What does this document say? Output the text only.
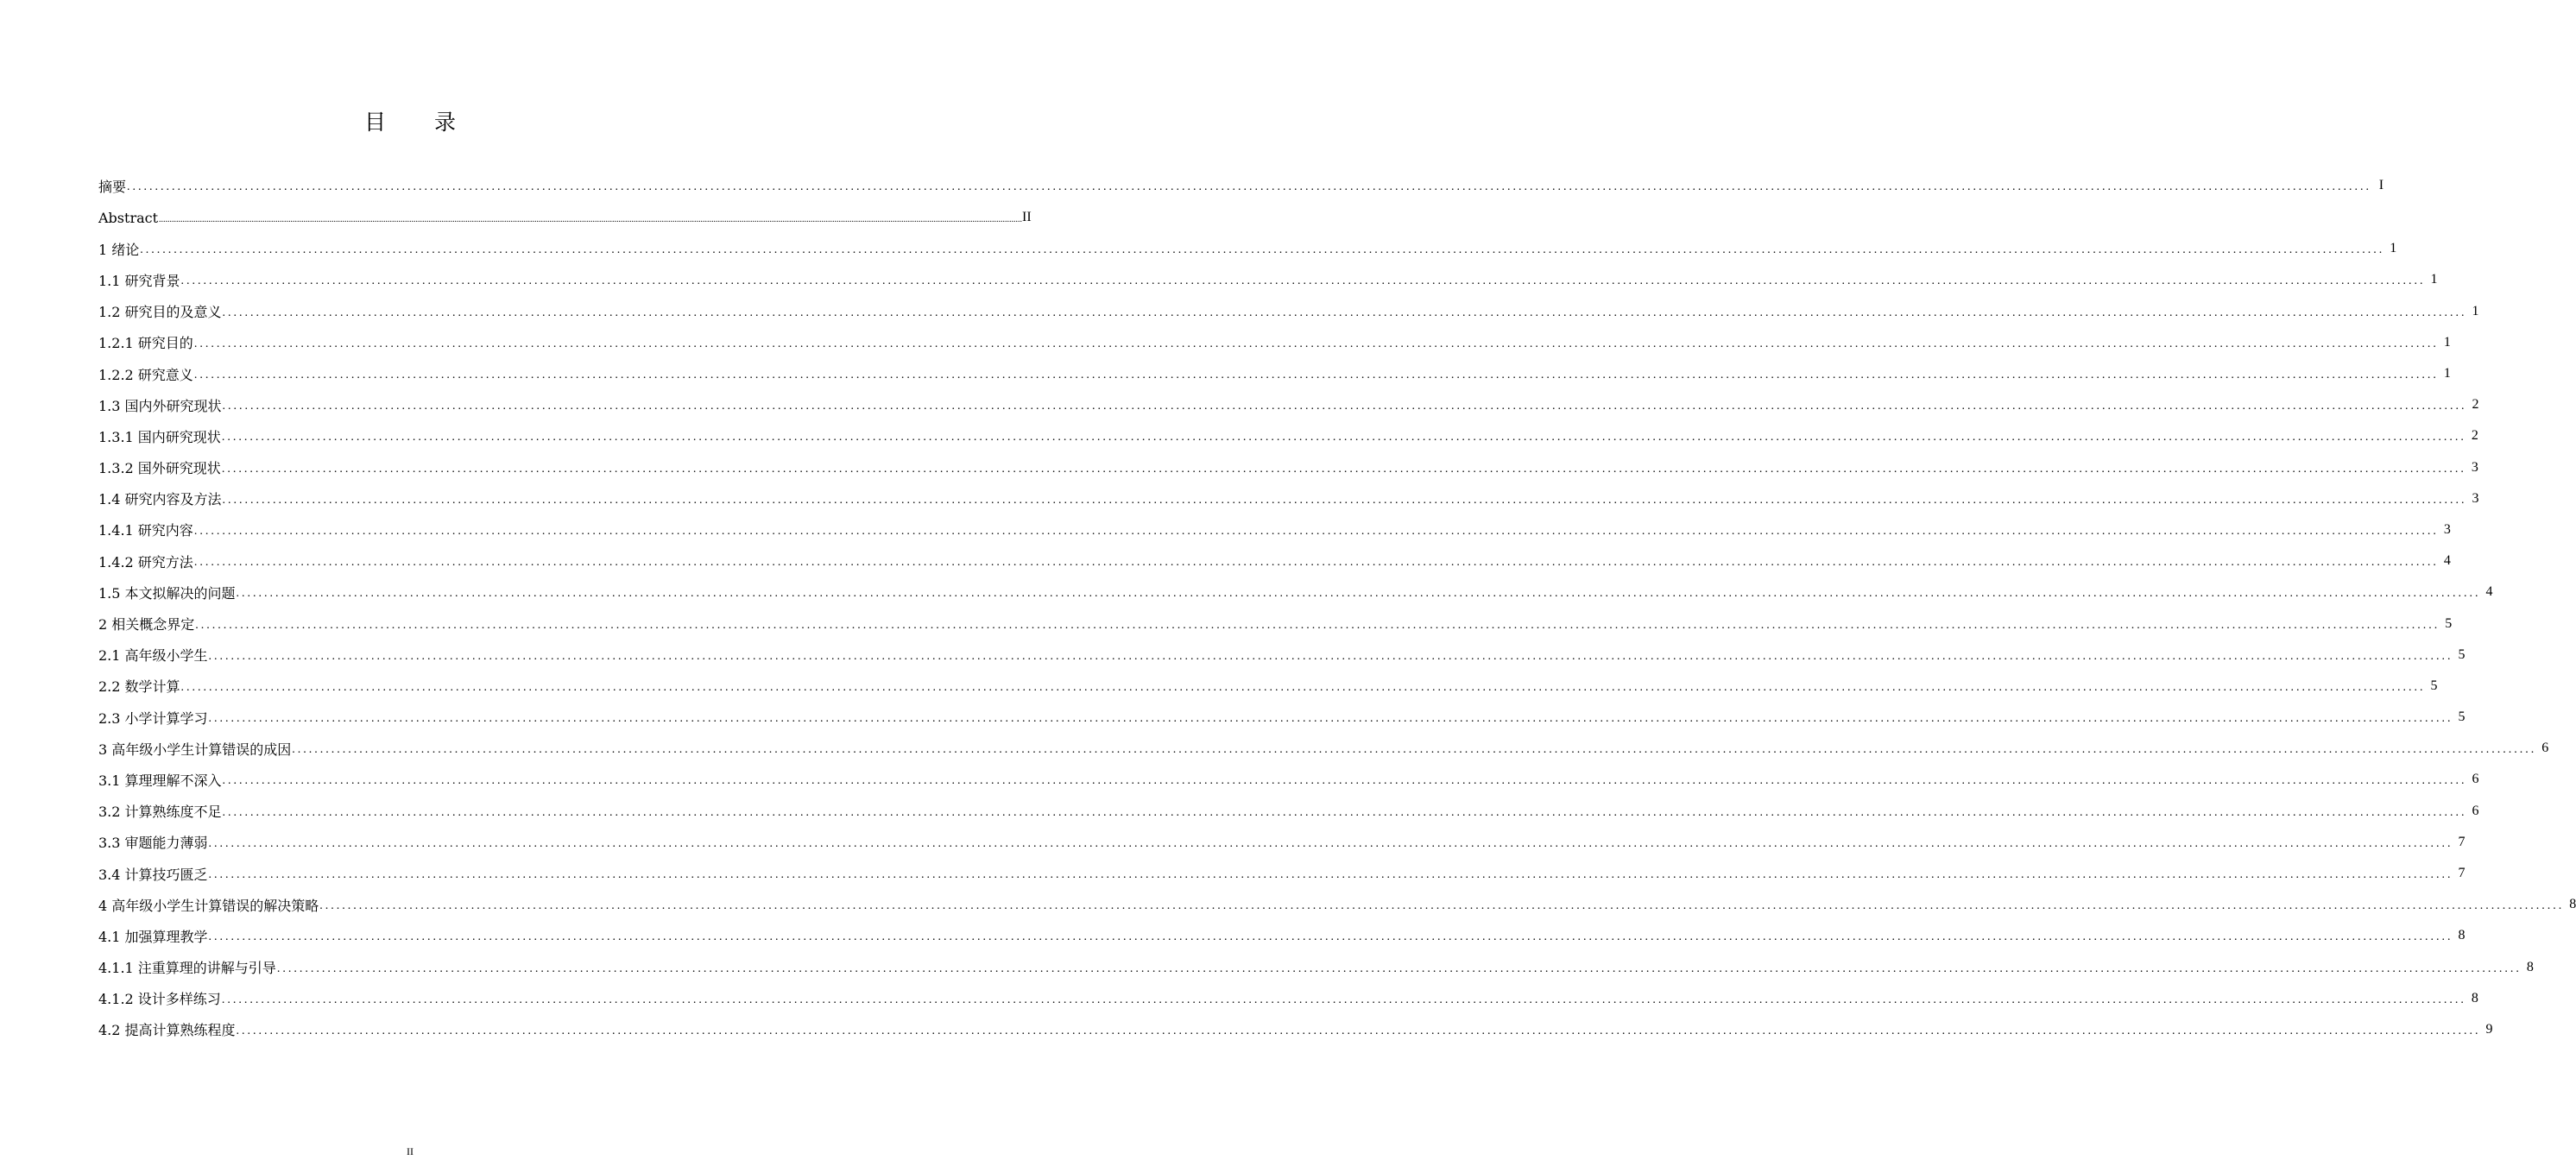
目 录
摘要 ................................................................................................................................................................................................................................................................................................................................................................................................................ I
Abstract ................................................................................................................................................................................................................................................................................................................................................................................................................ II
1 绪论 ................................................................................................................................................................................................................................................................................................................................................................................................................ 1
1.1 研究背景 ................................................................................................................................................................................................................................................................................................................................................................................................................ 1
1.2 研究目的及意义 ................................................................................................................................................................................................................................................................................................................................................................................................................ 1
1.2.1 研究目的 ................................................................................................................................................................................................................................................................................................................................................................................................................ 1
1.2.2 研究意义 ................................................................................................................................................................................................................................................................................................................................................................................................................ 1
1.3 国内外研究现状 ................................................................................................................................................................................................................................................................................................................................................................................................................ 2
1.3.1 国内研究现状 ................................................................................................................................................................................................................................................................................................................................................................................................................ 2
1.3.2 国外研究现状 ................................................................................................................................................................................................................................................................................................................................................................................................................ 3
1.4 研究内容及方法 ................................................................................................................................................................................................................................................................................................................................................................................................................ 3
1.4.1 研究内容 ................................................................................................................................................................................................................................................................................................................................................................................................................ 3
1.4.2 研究方法 ................................................................................................................................................................................................................................................................................................................................................................................................................ 4
1.5 本文拟解决的问题 ................................................................................................................................................................................................................................................................................................................................................................................................................ 4
2 相关概念界定 ................................................................................................................................................................................................................................................................................................................................................................................................................ 5
2.1 高年级小学生 ................................................................................................................................................................................................................................................................................................................................................................................................................ 5
2.2 数学计算 ................................................................................................................................................................................................................................................................................................................................................................................................................ 5
2.3 小学计算学习 ................................................................................................................................................................................................................................................................................................................................................................................................................ 5
3 高年级小学生计算错误的成因 ................................................................................................................................................................................................................................................................................................................................................................................................................ 6
3.1 算理理解不深入 ................................................................................................................................................................................................................................................................................................................................................................................................................ 6
3.2 计算熟练度不足 ................................................................................................................................................................................................................................................................................................................................................................................................................ 6
3.3 审题能力薄弱 ................................................................................................................................................................................................................................................................................................................................................................................................................ 7
3.4 计算技巧匮乏 ................................................................................................................................................................................................................................................................................................................................................................................................................ 7
4 高年级小学生计算错误的解决策略 ................................................................................................................................................................................................................................................................................................................................................................................................................ 8
4.1 加强算理教学 ................................................................................................................................................................................................................................................................................................................................................................................................................ 8
4.1.1 注重算理的讲解与引导 ................................................................................................................................................................................................................................................................................................................................................................................................................ 8
4.1.2 设计多样练习 ................................................................................................................................................................................................................................................................................................................................................................................................................ 8
4.2 提高计算熟练程度 ................................................................................................................................................................................................................................................................................................................................................................................................................ 9
II
